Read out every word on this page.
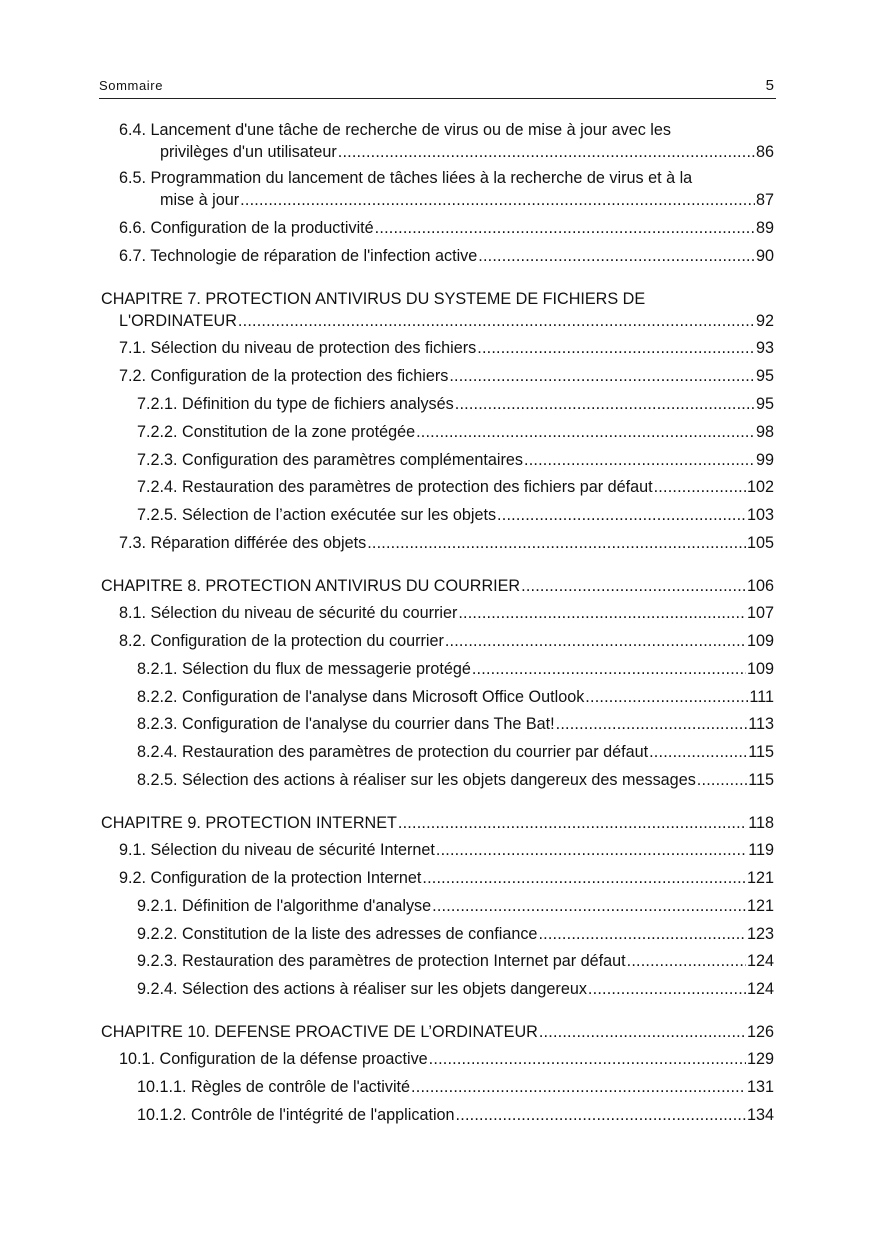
Sommaire	5
6.4. Lancement d'une tâche de recherche de virus ou de mise à jour avec les
privilèges d'un utilisateur .....	86
6.5. Programmation du lancement de tâches liées à la recherche de virus et à la
mise à jour .....	87
6.6. Configuration de la productivité .....	89
6.7. Technologie de réparation de l'infection active .....	90
CHAPITRE 7. PROTECTION ANTIVIRUS DU SYSTEME DE FICHIERS DE
L'ORDINATEUR .....	92
7.1. Sélection du niveau de protection des fichiers .....	93
7.2. Configuration de la protection des fichiers .....	95
7.2.1. Définition du type de fichiers analysés .....	95
7.2.2. Constitution de la zone protégée .....	98
7.2.3. Configuration des paramètres complémentaires .....	99
7.2.4. Restauration des paramètres de protection des fichiers par défaut .....	102
7.2.5. Sélection de l’action exécutée sur les objets .....	103
7.3. Réparation différée des objets .....	105
CHAPITRE 8. PROTECTION ANTIVIRUS DU COURRIER .....	106
8.1. Sélection du niveau de sécurité du courrier .....	107
8.2. Configuration de la protection du courrier .....	109
8.2.1. Sélection du flux de messagerie protégé .....	109
8.2.2. Configuration de l'analyse dans Microsoft Office Outlook .....	111
8.2.3. Configuration de l'analyse du courrier dans The Bat! .....	113
8.2.4. Restauration des paramètres de protection du courrier par défaut .....	115
8.2.5. Sélection des actions à réaliser sur les objets dangereux des messages .....	115
CHAPITRE 9. PROTECTION INTERNET .....	118
9.1. Sélection du niveau de sécurité Internet .....	119
9.2. Configuration de la protection Internet .....	121
9.2.1. Définition de l'algorithme d'analyse .....	121
9.2.2. Constitution de la liste des adresses de confiance .....	123
9.2.3. Restauration des paramètres de protection Internet par défaut .....	124
9.2.4. Sélection des actions à réaliser sur les objets dangereux .....	124
CHAPITRE 10. DEFENSE PROACTIVE DE L’ORDINATEUR .....	126
10.1. Configuration de la défense proactive .....	129
10.1.1. Règles de contrôle de l'activité .....	131
10.1.2. Contrôle de l'intégrité de l'application .....	134
